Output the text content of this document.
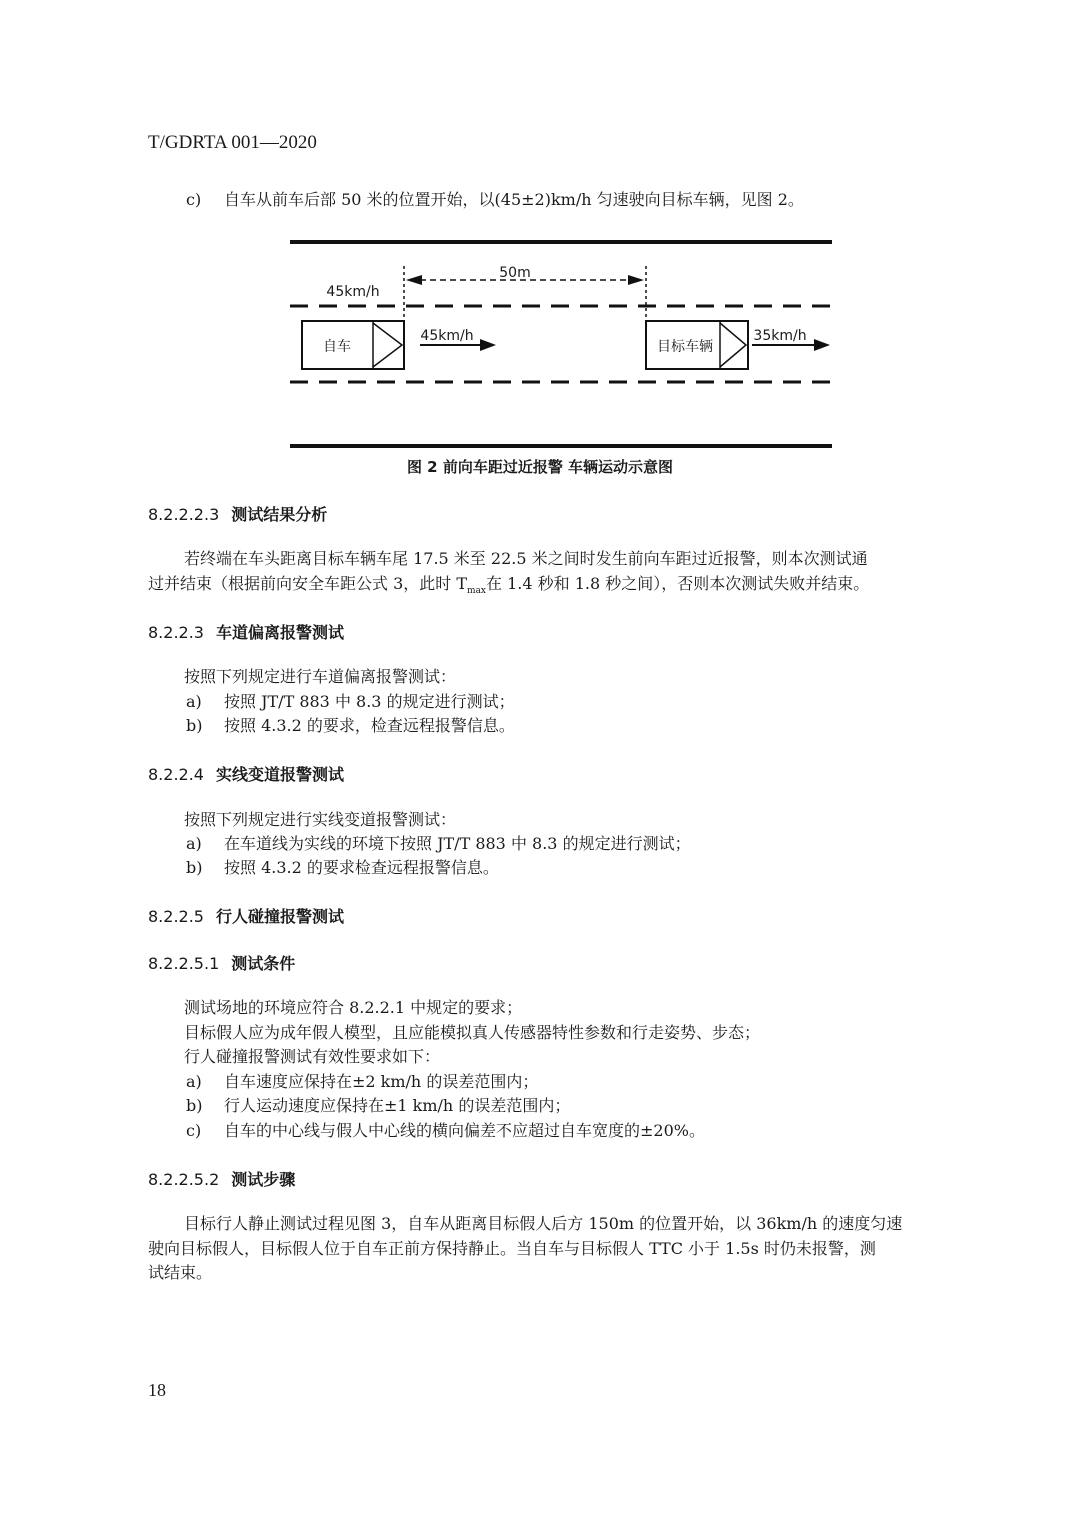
T/GDRTA 001—2020
c) 自车从前车后部 50 米的位置开始，以(45±2)km/h 匀速驶向目标车辆，见图 2。
50m
45km/h
自车
45km/h
目标车辆
35km/h
图 2 前向车距过近报警 车辆运动示意图
8.2.2.2.3 测试结果分析
若终端在车头距离目标车辆车尾 17.5 米至 22.5 米之间时发生前向车距过近报警，则本次测试通
过并结束（根据前向安全车距公式 3，此时 $T_{max}$在 1.4 秒和 1.8 秒之间），否则本次测试失败并结束。
8.2.2.3 车道偏离报警测试
按照下列规定进行车道偏离报警测试：
a) 按照 JT/T 883 中 8.3 的规定进行测试；
b) 按照 4.3.2 的要求，检查远程报警信息。
8.2.2.4 实线变道报警测试
按照下列规定进行实线变道报警测试：
a) 在车道线为实线的环境下按照 JT/T 883 中 8.3 的规定进行测试；
b) 按照 4.3.2 的要求检查远程报警信息。
8.2.2.5 行人碰撞报警测试
8.2.2.5.1 测试条件
测试场地的环境应符合 8.2.2.1 中规定的要求；
目标假人应为成年假人模型，且应能模拟真人传感器特性参数和行走姿势、步态；
行人碰撞报警测试有效性要求如下：
a) 自车速度应保持在±2 km/h 的误差范围内；
b) 行人运动速度应保持在±1 km/h 的误差范围内；
c) 自车的中心线与假人中心线的横向偏差不应超过自车宽度的±20%。
8.2.2.5.2 测试步骤
目标行人静止测试过程见图 3，自车从距离目标假人后方 150m 的位置开始，以 36km/h 的速度匀速
驶向目标假人，目标假人位于自车正前方保持静止。当自车与目标假人 TTC 小于 1.5s 时仍未报警，测
试结束。
18
